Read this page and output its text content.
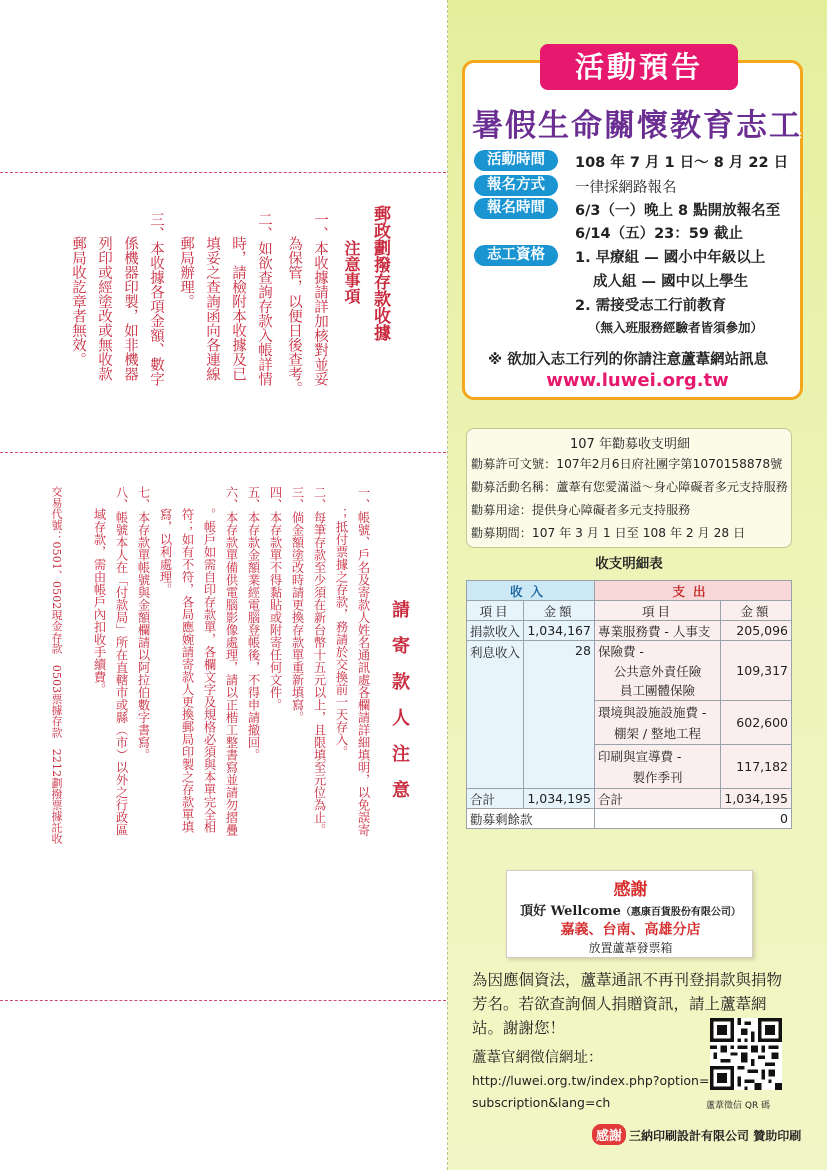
郵政劃撥存款收據
注意事項
一、本收據請詳加核對並妥
為保管，以便日後查考。
二、如欲查詢存款入帳詳情
時，請檢附本收據及已
填妥之查詢函向各連線
郵局辦理。
三、本收據各項金額、數字
係機器印製，如非機器
列印或經塗改或無收款
郵局收訖章者無效。
請寄款人注意
一、帳號、戶名及寄款人姓名通訊處各欄請詳細填明，以免誤寄
；抵付票據之存款，務請於交換前一天存入。
二、每筆存款至少須在新台幣十五元以上，且限填至元位為止。
三、倘金額塗改時請更換存款單重新填寫。
四、本存款單不得黏貼或附寄任何文件。
五、本存款金額業經電腦登帳後，不得申請撤回。
六、本存款單備供電腦影像處理，請以正楷工整書寫並請勿摺疊
。帳戶如需自印存款單，各欄文字及規格必須與本單完全相
符；如有不符，各局應婉請寄款人更換郵局印製之存款單填
寫，以利處理。
七、本存款單帳號與金額欄請以阿拉伯數字書寫。
八、帳號本人在「付款局」所在直轄市或縣（市）以外之行政區
域存款，需由帳戶內扣收手續費。
交易代號：0501、0502現金存款　0503票據存款　2212劃撥票據託收
活動預告
暑假生命關懷教育志工
活動時間	108 年 7 月 1 日～ 8 月 22 日
報名方式	一律採網路報名
報名時間	6/3（一）晚上 8 點開放報名至
6/14（五）23：59 截止
志工資格	1. 早療組 — 國小中年級以上
成人組 — 國中以上學生
2. 需接受志工行前教育
（無入班服務經驗者皆須參加）
※ 欲加入志工行列的你請注意蘆葦網站訊息
www.luwei.org.tw
107 年勸募收支明細
勸募許可文號：107年2月6日府社團字第1070158878號
勸募活動名稱：蘆葦有您愛滿溢～身心障礙者多元支持服務
勸募用途：提供身心障礙者多元支持服務
勸募期間：107 年 3 月 1 日至 108 年 2 月 28 日
收支明細表
收入		支出	
項目	金額	項目	金額
捐款收入	1,034,167	專業服務費 - 人事支	205,096
利息收入	28	保險費 -	109,317
		公共意外責任險	
		員工團體保險	
		環境與設施設施費 -	602,600
		棚架 / 整地工程	
		印刷與宣導費 -	117,182
		製作季刊	
合計	1,034,195	合計	1,034,195
勸募剩餘款		0	
感謝
頂好 Wellcome（惠康百貨股份有限公司）
嘉義、台南、高雄分店
放置蘆葦發票箱
為因應個資法，蘆葦通訊不再刊登捐款與捐物芳名。若欲查詢個人捐贈資訊，請上蘆葦網站。謝謝您！
蘆葦官網徵信網址：
http://luwei.org.tw/index.php?option=
subscription&lang=ch	蘆葦徵信 QR 碼
感謝 三納印刷設計有限公司 贊助印刷
